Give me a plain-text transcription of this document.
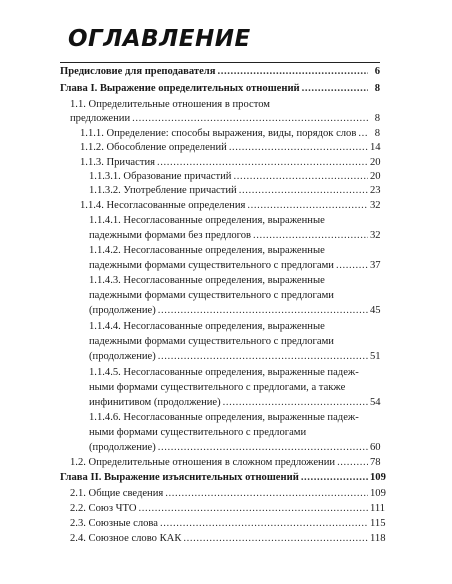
ОГЛАВЛЕНИЕ
Предисловие для преподавателя .....	6
Глава I. Выражение определительных отношений .....	8
1.1. Определительные отношения в простом
предложении .....	8
1.1.1. Определение: способы выражения, виды, порядок слов .....	8
1.1.2. Обособление определений .....	14
1.1.3. Причастия .....	20
1.1.3.1. Образование причастий .....	20
1.1.3.2. Употребление причастий .....	23
1.1.4. Несогласованные определения .....	32
1.1.4.1. Несогласованные определения, выраженные
падежными формами без предлогов .....	32
1.1.4.2. Несогласованные определения, выраженные
падежными формами существительного с предлогами .....	37
1.1.4.3. Несогласованные определения, выраженные
падежными формами существительного с предлогами
(продолжение) .....	45
1.1.4.4. Несогласованные определения, выраженные
падежными формами существительного с предлогами
(продолжение) .....	51
1.1.4.5. Несогласованные определения, выраженные падеж-
ными формами существительного с предлогами, а также
инфинитивом (продолжение) .....	54
1.1.4.6. Несогласованные определения, выраженные падеж-
ными формами существительного с предлогами
(продолжение) .....	60
1.2. Определительные отношения в сложном предложении .....	78
Глава II. Выражение изъяснительных отношений .....	109
2.1. Общие сведения .....	109
2.2. Союз ЧТО .....	111
2.3. Союзные слова .....	115
2.4. Союзное слово КАК .....	118
